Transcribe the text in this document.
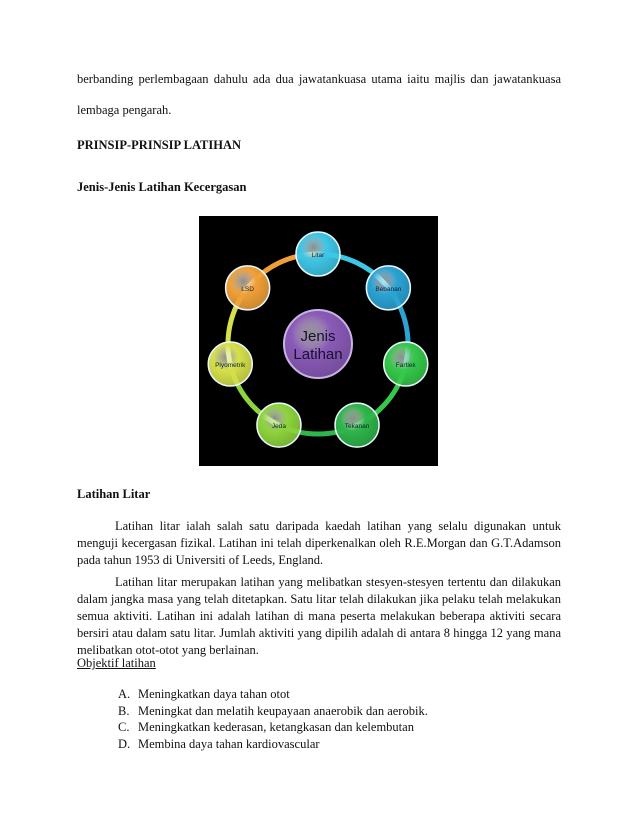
berbanding perlembagaan dahulu ada dua jawatankuasa utama iaitu majlis dan jawatankuasa lembaga pengarah.
PRINSIP-PRINSIP LATIHAN
Jenis-Jenis Latihan Kecergasan
Jenis
Latihan
Litar
Bebanan
Fartlek
Tekanan
Jeda
Plyometrik
LSD
Latihan Litar
Latihan litar ialah salah satu daripada kaedah latihan yang selalu digunakan untuk menguji kecergasan fizikal. Latihan ini telah diperkenalkan oleh R.E.Morgan dan G.T.Adamson pada tahun 1953 di Universiti of Leeds, England.
Latihan litar merupakan latihan yang melibatkan stesyen-stesyen tertentu dan dilakukan dalam jangka masa yang telah ditetapkan. Satu litar telah dilakukan jika pelaku telah melakukan semua aktiviti. Latihan ini adalah latihan di mana peserta melakukan beberapa aktiviti secara bersiri atau dalam satu litar. Jumlah aktiviti yang dipilih adalah di antara 8 hingga 12 yang mana melibatkan otot-otot yang berlainan.
Objektif latihan
A. Meningkatkan daya tahan otot
B. Meningkat dan melatih keupayaan anaerobik dan aerobik.
C. Meningkatkan kederasan, ketangkasan dan kelembutan
D. Membina daya tahan kardiovascular
